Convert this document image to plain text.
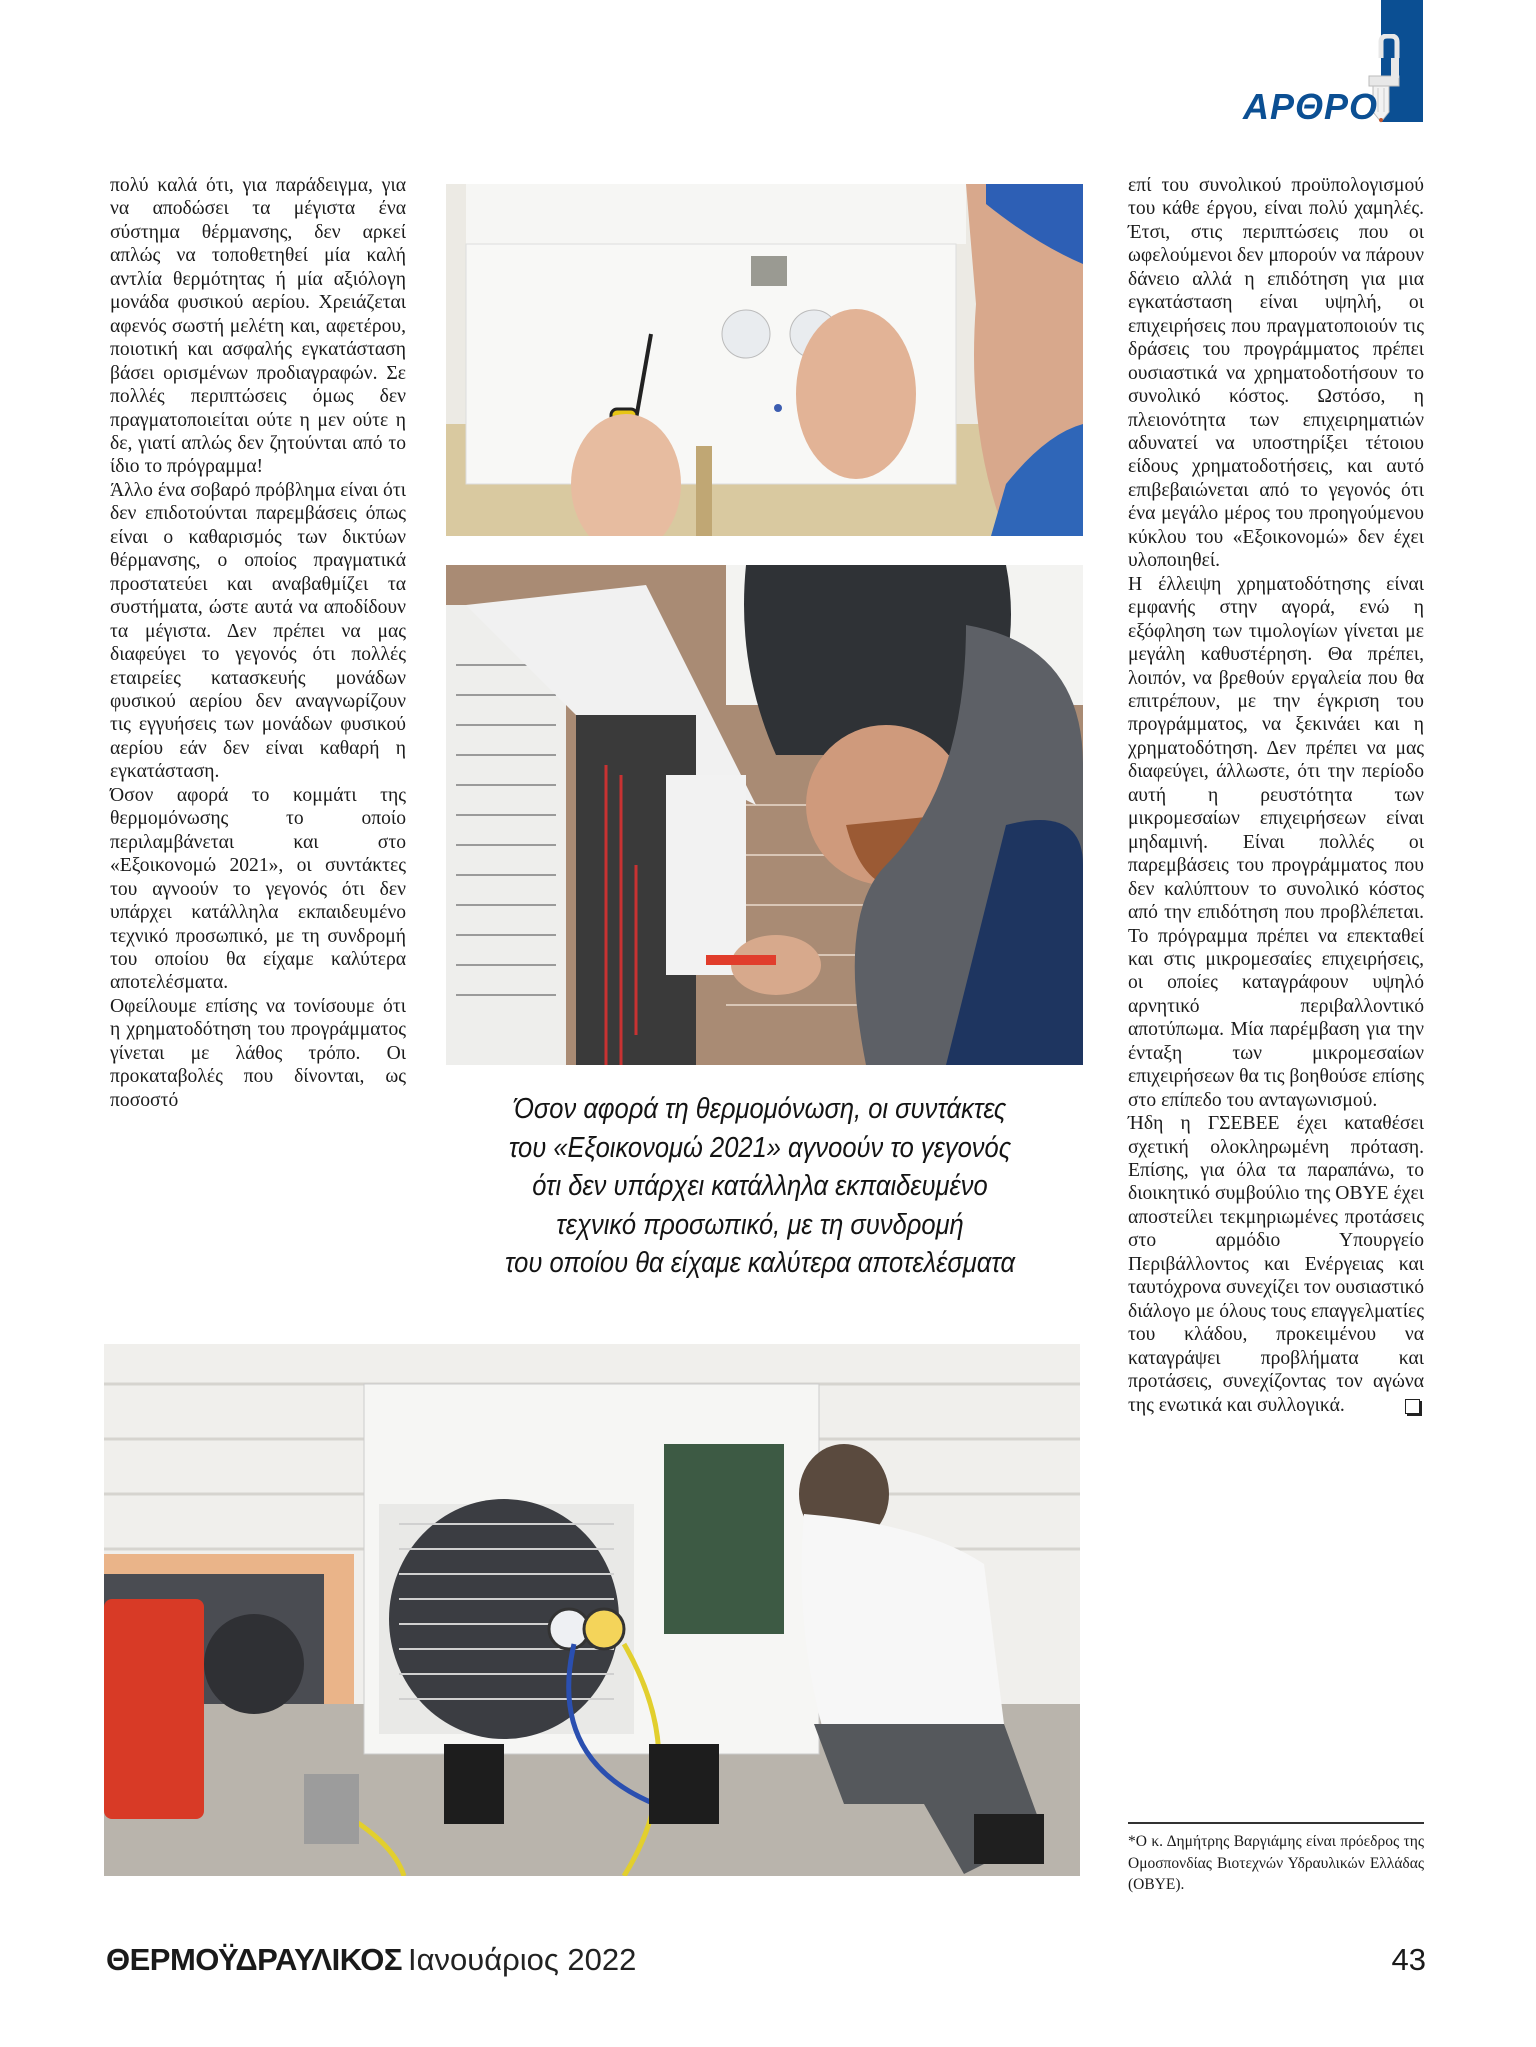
ΑΡΘΡΟ

πολύ καλά ότι, για παράδειγμα, για να αποδώσει τα μέγιστα ένα σύστημα θέρμανσης, δεν αρκεί απλώς να τοποθετηθεί μία καλή αντλία θερμότητας ή μία αξιόλογη μονάδα φυσικού αερίου. Χρειάζεται αφενός σωστή μελέτη και, αφετέρου, ποιοτική και ασφαλής εγκατάσταση βάσει ορισμένων προδιαγραφών. Σε πολλές περιπτώσεις όμως δεν πραγματοποιείται ούτε η μεν ούτε η δε, γιατί απλώς δεν ζητούνται από το ίδιο το πρόγραμμα!

Άλλο ένα σοβαρό πρόβλημα είναι ότι δεν επιδοτούνται παρεμβάσεις όπως είναι ο καθαρισμός των δικτύων θέρμανσης, ο οποίος πραγματικά προστατεύει και αναβαθμίζει τα συστήματα, ώστε αυτά να αποδίδουν τα μέγιστα. Δεν πρέπει να μας διαφεύγει το γεγονός ότι πολλές εταιρείες κατασκευής μονάδων φυσικού αερίου δεν αναγνωρίζουν τις εγγυήσεις των μονάδων φυσικού αερίου εάν δεν είναι καθαρή η εγκατάσταση.

Όσον αφορά το κομμάτι της θερμομόνωσης το οποίο περιλαμβάνεται και στο «Εξοικονομώ 2021», οι συντάκτες του αγνοούν το γεγονός ότι δεν υπάρχει κατάλληλα εκπαιδευμένο τεχνικό προσωπικό, με τη συνδρομή του οποίου θα είχαμε καλύτερα αποτελέσματα.

Οφείλουμε επίσης να τονίσουμε ότι η χρηματοδότηση του προγράμματος γίνεται με λάθος τρόπο. Οι προκαταβολές που δίνονται, ως ποσοστό

επί του συνολικού προϋπολογισμού του κάθε έργου, είναι πολύ χαμηλές. Έτσι, στις περιπτώσεις που οι ωφελούμενοι δεν μπορούν να πάρουν δάνειο αλλά η επιδότηση για μια εγκατάσταση είναι υψηλή, οι επιχειρήσεις που πραγματοποιούν τις δράσεις του προγράμματος πρέπει ουσιαστικά να χρηματοδοτήσουν το συνολικό κόστος. Ωστόσο, η πλειονότητα των επιχειρηματιών αδυνατεί να υποστηρίξει τέτοιου είδους χρηματοδοτήσεις, και αυτό επιβεβαιώνεται από το γεγονός ότι ένα μεγάλο μέρος του προηγούμενου κύκλου του «Εξοικονομώ» δεν έχει υλοποιηθεί.

Η έλλειψη χρηματοδότησης είναι εμφανής στην αγορά, ενώ η εξόφληση των τιμολογίων γίνεται με μεγάλη καθυστέρηση. Θα πρέπει, λοιπόν, να βρεθούν εργαλεία που θα επιτρέπουν, με την έγκριση του προγράμματος, να ξεκινάει και η χρηματοδότηση. Δεν πρέπει να μας διαφεύγει, άλλωστε, ότι την περίοδο αυτή η ρευστότητα των μικρομεσαίων επιχειρήσεων είναι μηδαμινή. Είναι πολλές οι παρεμβάσεις του προγράμματος που δεν καλύπτουν το συνολικό κόστος από την επιδότηση που προβλέπεται. Το πρόγραμμα πρέπει να επεκταθεί και στις μικρομεσαίες επιχειρήσεις, οι οποίες καταγράφουν υψηλό αρνητικό περιβαλλοντικό αποτύπωμα. Μία παρέμβαση για την ένταξη των μικρομεσαίων επιχειρήσεων θα τις βοηθούσε επίσης στο επίπεδο του ανταγωνισμού.

Ήδη η ΓΣΕΒΕΕ έχει καταθέσει σχετική ολοκληρωμένη πρόταση. Επίσης, για όλα τα παραπάνω, το διοικητικό συμβούλιο της ΟΒΥΕ έχει αποστείλει τεκμηριωμένες προτάσεις στο αρμόδιο Υπουργείο Περιβάλλοντος και Ενέργειας και ταυτόχρονα συνεχίζει τον ουσιαστικό διάλογο με όλους τους επαγγελματίες του κλάδου, προκειμένου να καταγράψει προβλήματα και προτάσεις, συνεχίζοντας τον αγώνα της ενωτικά και συλλογικά.

Όσον αφορά τη θερμομόνωση, οι συντάκτες
του «Εξοικονομώ 2021» αγνοούν το γεγονός
ότι δεν υπάρχει κατάλληλα εκπαιδευμένο
τεχνικό προσωπικό, με τη συνδρομή
του οποίου θα είχαμε καλύτερα αποτελέσματα
*Ο κ. Δημήτρης Βαργιάμης είναι πρόεδρος της Ομοσπονδίας Βιοτεχνών Υδραυλικών Ελλάδας (ΟΒΥΕ).
ΘΕΡΜΟΫΔΡΑΥΛΙΚΟΣ Ιανουάριος 2022	43
